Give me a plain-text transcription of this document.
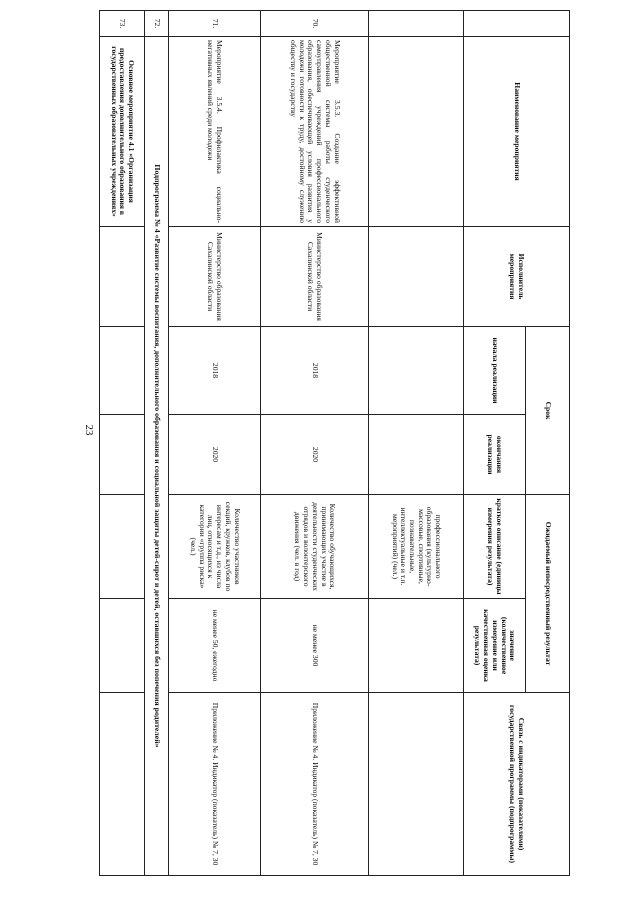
23
	Наименование мероприятия	Исполнитель мероприятия	Срок		Ожидаемый непосредственный результат		Связь с индикаторами (показателями) государственной программы (подпрограммы)
			начала реализации	окончания реализации	краткое описание (единицы измерения результата)	значение (количественное измерение или качественная оценка результата)	
					профессионального образования (культурно-массовые, спортивные, познавательные, интеллектуальные и т.п. мероприятий) (чел.)		
70.	Мероприятие 3.5.3. Создание эффективной общественной системы работы студенческого самоуправления учреждений профессионального образования, обеспечивающей условия развития у молодежи готовности к труду, достойному служению обществу и государству	Министерство образования Сахалинской области	2018	2020	Количество обучающихся, принимающих участие в деятельности студенческих отрядов и волонтерского движения (чел. в год)	не менее 300	Приложение № 4. Индикатор (показатель) № 7, 30
71.	Мероприятие 3.5.4. Профилактика социально-негативных явлений среди молодежи	Министерство образования Сахалинской области	2018	2020	Количество участников секций, кружков, клубов по интересам и т.д., из числа лиц, относящихся к категории «группа риска» (чел.)	не менее 50, ежегодно	Приложение № 4. Индикатор (показатель) № 7, 30
72.	Подпрограмма № 4 «Развитие системы воспитания, дополнительного образования и социальной защиты детей-сирот и детей, оставшихся без попечения родителей»						
73.	Основное мероприятие 4.1 «Организация предоставления дополнительного образования в государственных образовательных учреждениях»						
